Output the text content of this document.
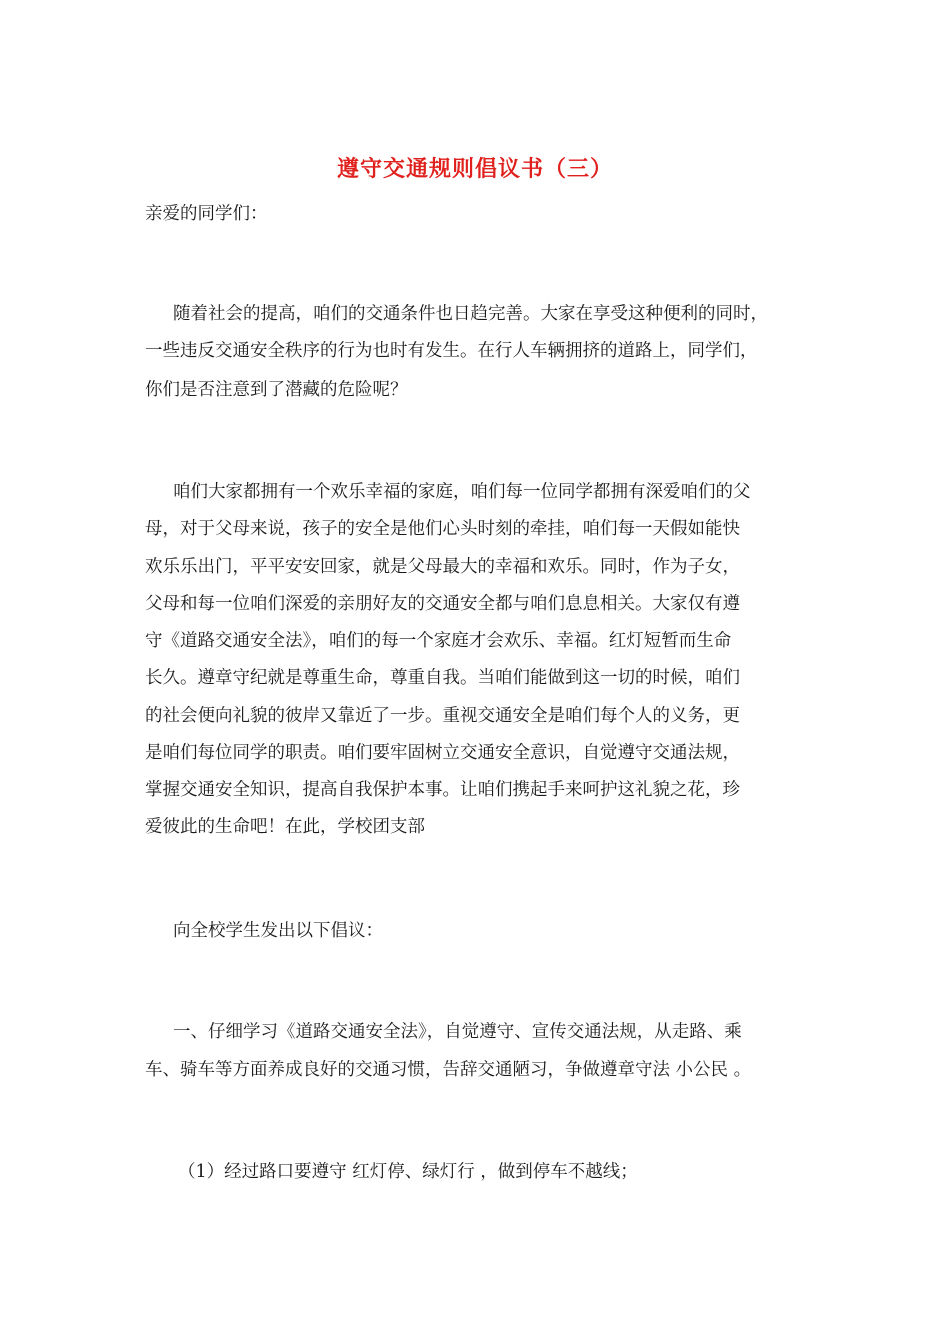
遵守交通规则倡议书（三）
亲爱的同学们：
随着社会的提高，咱们的交通条件也日趋完善。大家在享受这种便利的同时，
一些违反交通安全秩序的行为也时有发生。在行人车辆拥挤的道路上，同学们，
你们是否注意到了潜藏的危险呢？
咱们大家都拥有一个欢乐幸福的家庭，咱们每一位同学都拥有深爱咱们的父
母，对于父母来说，孩子的安全是他们心头时刻的牵挂，咱们每一天假如能快
欢乐乐出门，平平安安回家，就是父母最大的幸福和欢乐。同时，作为子女，
父母和每一位咱们深爱的亲朋好友的交通安全都与咱们息息相关。大家仅有遵
守《道路交通安全法》，咱们的每一个家庭才会欢乐、幸福。红灯短暂而生命
长久。遵章守纪就是尊重生命，尊重自我。当咱们能做到这一切的时候，咱们
的社会便向礼貌的彼岸又靠近了一步。重视交通安全是咱们每个人的义务，更
是咱们每位同学的职责。咱们要牢固树立交通安全意识，自觉遵守交通法规，
掌握交通安全知识，提高自我保护本事。让咱们携起手来呵护这礼貌之花，珍
爱彼此的生命吧！在此，学校团支部
向全校学生发出以下倡议：
一、仔细学习《道路交通安全法》，自觉遵守、宣传交通法规，从走路、乘
车、骑车等方面养成良好的交通习惯，告辞交通陋习，争做遵章守法 小公民 。
（1）经过路口要遵守 红灯停、绿灯行 ，做到停车不越线；
